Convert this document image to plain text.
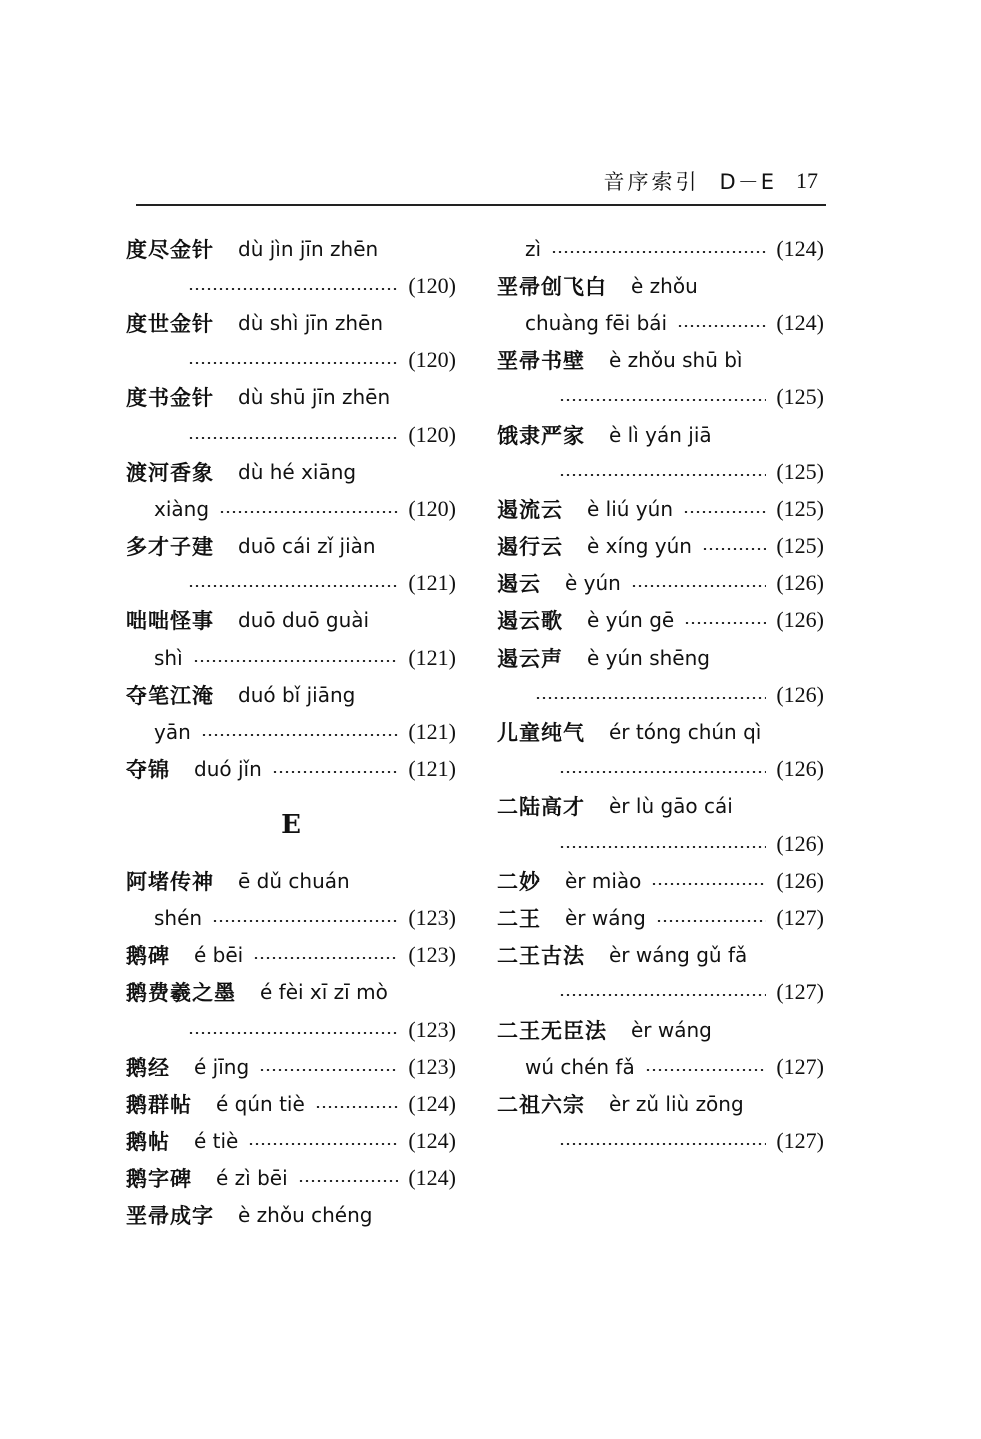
音序索引 D－E 17
度尽金针 dù jìn jīn zhēn
(120)
度世金针 dù shì jīn zhēn
(120)
度书金针 dù shū jīn zhēn
(120)
渡河香象 dù hé xiāng
xiàng	(120)
多才子建 duō cái zǐ jiàn
(121)
咄咄怪事 duō duō guài
shì	(121)
夺笔江淹 duó bǐ jiāng
yān	(121)
夺锦 duó jǐn	(121)
E
阿堵传神 ē dǔ chuán
shén	(123)
鹅碑 é bēi	(123)
鹅费羲之墨 é fèi xī zī mò
(123)
鹅经 é jīng	(123)
鹅群帖 é qún tiè	(124)
鹅帖 é tiè	(124)
鹅字碑 é zì bēi	(124)
垩帚成字 è zhǒu chéng
zì	(124)
垩帚创飞白 è zhǒu
chuàng fēi bái	(124)
垩帚书壁 è zhǒu shū bì
(125)
饿隶严家 è lì yán jiā
(125)
遏流云 è liú yún	(125)
遏行云 è xíng yún	(125)
遏云 è yún	(126)
遏云歌 è yún gē	(126)
遏云声 è yún shēng
(126)
儿童纯气 ér tóng chún qì
(126)
二陆高才 èr lù gāo cái
(126)
二妙 èr miào	(126)
二王 èr wáng	(127)
二王古法 èr wáng gǔ fǎ
(127)
二王无臣法 èr wáng
wú chén fǎ	(127)
二祖六宗 èr zǔ liù zōng
(127)
